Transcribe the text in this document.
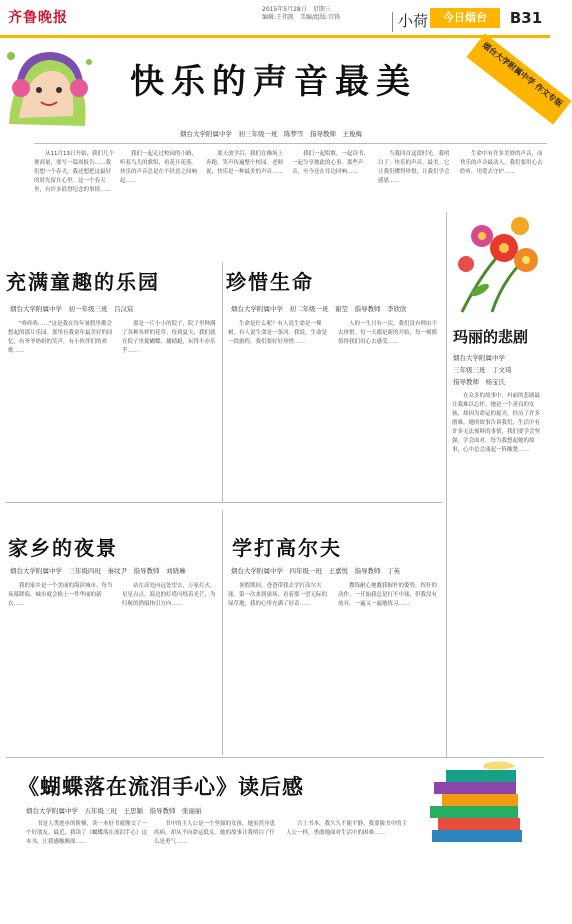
齐鲁晚报
2015年5月28日　星期三
编辑:王伟凯　美编/组版:宫锋	小荷	今日烟台	B31
烟台大学附属中学 作文专版
快乐的声音最美
烟台大学附属中学　初三年级一班　陈梦雪　指导教师　王俊梅
从11月13日开始，我们几个便商量，要写一篇周报告……我们想一个春天，我还想把这最好的时光留在心里。这一个春天里，有许多值得纪念的事情……
我们一起走过校园的小路，听着鸟儿的歌唱，看花开花落。快乐的声音总是在不经意之间响起……
那天放学后，我们在操场上奔跑，笑声传遍整个校园。老师说，快乐是一种最美的声音……
我们一起唱歌，一起读书，一起分享彼此的心事。那些声音，至今还在耳边回响……
当我回首这段时光，我明白了：快乐的声音，最美。它让我们懂得珍惜，让我们学会感恩……
生命中有许多美妙的声音，而快乐的声音最动人。我们要用心去聆听，用爱去守护……
充满童趣的乐园
烟台大学附属中学　初一年级三班　吕汉宸
"咚咚咚……"这是我在每年暑假里都会想起的那片乐园。那里有我童年最美好的回忆，有爷爷奶奶的笑声，有小伙伴们的欢歌……
那是一片小小的院子，院子里种满了各种各样的花草。每到夏天，我们就在院子里捉蝴蝶、捕蜻蜓，玩得不亦乐乎……
珍惜生命
烟台大学附属中学　初二年级一班　谢莹　指导教师　李欣欣
生命是什么呢？有人说生命是一棵树，有人说生命是一条河。我说，生命是一段旅程，我们要好好珍惜……
人的一生只有一次，我们没有理由不去珍惜。每一天都是新的开始，每一刻都值得我们用心去感受……	玛丽的悲剧
烟台大学附属中学
三年级三班　丁文琦
指导教师　杨宝氏
在众多的故事中，玛丽的悲剧最让我难以忘怀。她是一个善良的女孩，却因为命运的捉弄，经历了许多磨难。她的故事告诉我们，生活中有许多无法预料的事情，我们要学会坚强，学会面对。每当我想起她的故事，心中总会涌起一阵酸楚……
家乡的夜景
烟台大学附属中学　三年级四班　秦纹尹　指导教师　刘晓琳
我的家乡是一个美丽的海滨城市。每当夜幕降临，城市就会换上一件华丽的新衣……
站在高处向远处望去，万家灯火，星星点点。海边的灯塔闪烁着光芒，为归航的渔船指引方向……
学打高尔夫
烟台大学附属中学　四年级一班　王嘉悦　指导教师　丁英
暑假期间，爸爸带我去学打高尔夫球。第一次来到球场，看着那一望无际的绿草地，我的心里充满了好奇……
教练耐心地教我握杆的姿势，挥杆的动作。一开始我总是打不中球，但我没有放弃，一遍又一遍地练习……
《蝴蝶落在流泪手心》读后感
烟台大学附属中学　五年级三班　王思颖　指导教师　张丽丽
书是人类进步的阶梯，读一本好书就像交了一个好朋友。最近，我读了《蝴蝶落在流泪手心》这本书，让我感触颇深……
书中的主人公是一个坚强的女孩，她虽然身患疾病，却从不向命运低头。她的故事让我明白了什么是勇气……
合上书本，我久久不能平静。我要像书中的主人公一样，勇敢地面对生活中的困难……
